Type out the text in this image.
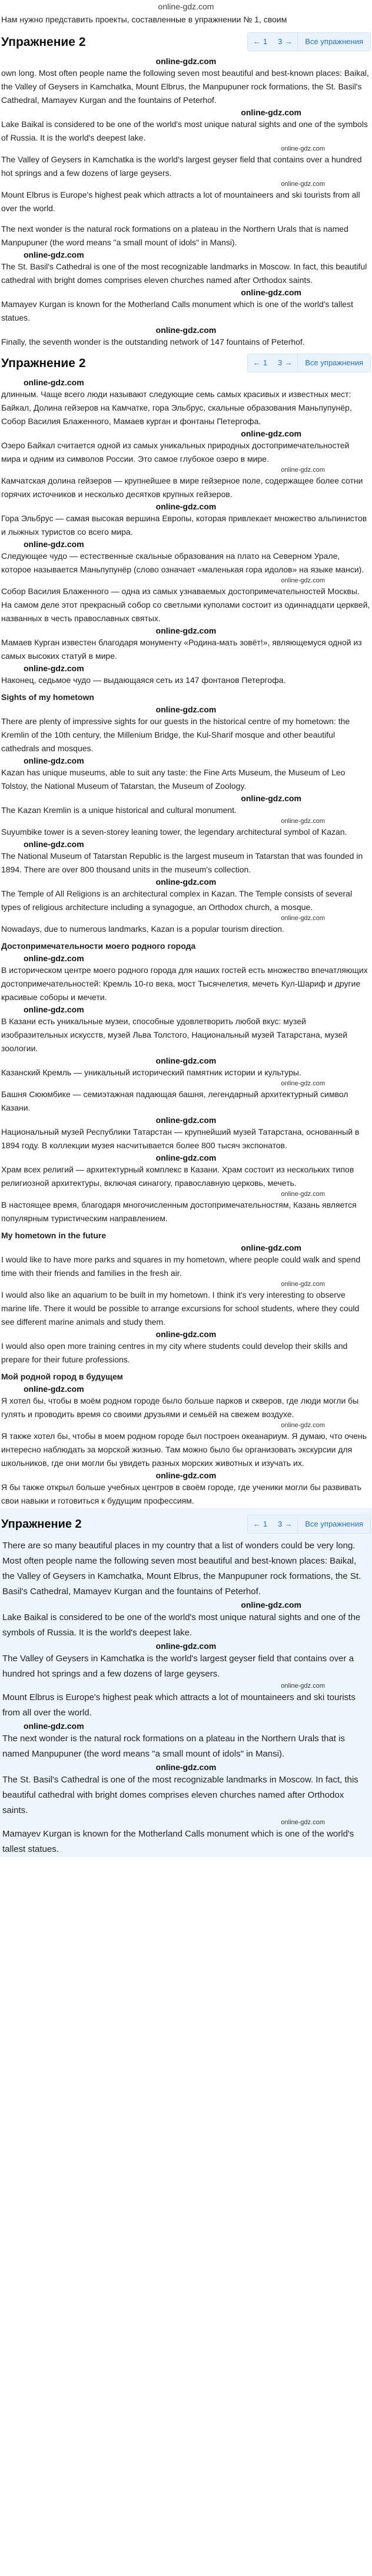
online-gdz.com

Нам нужно представить проекты, составленные в упражнении № 1, своим

Упражнение 2	← 1	3 →	Все упражнения
online-gdz.com

own long. Most often people name the following seven most beautiful and best-known places: Baikal, the Valley of Geysers in Kamchatka, Mount Elbrus, the Manpupuner rock formations, the St. Basil's Cathedral, Mamayev Kurgan and the fountains of Peterhof.

online-gdz.com

Lake Baikal is considered to be one of the world's most unique natural sights and one of the symbols of Russia. It is the world's deepest lake.

online-gdz.com

The Valley of Geysers in Kamchatka is the world's largest geyser field that contains over a hundred hot springs and a few dozens of large geysers.

online-gdz.com

Mount Elbrus is Europe's highest peak which attracts a lot of mountaineers and ski tourists from all over the world.

The next wonder is the natural rock formations on a plateau in the Northern Urals that is named Manpupuner (the word means "a small mount of idols" in Mansi).

online-gdz.com

The St. Basil's Cathedral is one of the most recognizable landmarks in Moscow. In fact, this beautiful cathedral with bright domes comprises eleven churches named after Orthodox saints.

online-gdz.com

Mamayev Kurgan is known for the Motherland Calls monument which is one of the world's tallest statues.

online-gdz.com

Finally, the seventh wonder is the outstanding network of 147 fountains of Peterhof.

Упражнение 2	← 1	3 →	Все упражнения
online-gdz.com

длинным. Чаще всего люди называют следующие семь самых красивых и известных мест: Байкал, Долина гейзеров на Камчатке, гора Эльбрус, скальные образования Маньпупунёр, Собор Василия Блаженного, Мамаев курган и фонтаны Петергофа.

online-gdz.com

Озеро Байкал считается одной из самых уникальных природных достопримечательностей мира и одним из символов России. Это самое глубокое озеро в мире.

online-gdz.com

Камчатская долина гейзеров — крупнейшее в мире гейзерное поле, содержащее более сотни горячих источников и несколько десятков крупных гейзеров.

online-gdz.com

Гора Эльбрус — самая высокая вершина Европы, которая привлекает множество альпинистов и лыжных туристов со всего мира.

online-gdz.com

Следующее чудо — естественные скальные образования на плато на Северном Урале, которое называется Маньпупунёр (слово означает «маленькая гора идолов» на языке манси).

online-gdz.com

Собор Василия Блаженного — одна из самых узнаваемых достопримечательностей Москвы. На самом деле этот прекрасный собор со светлыми куполами состоит из одиннадцати церквей, названных в честь православных святых.

online-gdz.com

Мамаев Курган известен благодаря монументу «Родина-мать зовёт!», являющемуся одной из самых высоких статуй в мире.

online-gdz.com

Наконец, седьмое чудо — выдающаяся сеть из 147 фонтанов Петергофа.

Sights of my hometown

online-gdz.com

There are plenty of impressive sights for our guests in the historical centre of my hometown: the Kremlin of the 10th century, the Millenium Bridge, the Kul-Sharif mosque and other beautiful cathedrals and mosques.

online-gdz.com

Kazan has unique museums, able to suit any taste: the Fine Arts Museum, the Museum of Leo Tolstoy, the National Museum of Tatarstan, the Museum of Zoology.

online-gdz.com

The Kazan Kremlin is a unique historical and cultural monument.

online-gdz.com

Suyumbike tower is a seven-storey leaning tower, the legendary architectural symbol of Kazan.

online-gdz.com

The National Museum of Tatarstan Republic is the largest museum in Tatarstan that was founded in 1894. There are over 800 thousand units in the museum's collection.

online-gdz.com

The Temple of All Religions is an architectural complex in Kazan. The Temple consists of several types of religious architecture including a synagogue, an Orthodox church, a mosque.

online-gdz.com

Nowadays, due to numerous landmarks, Kazan is a popular tourism direction.

Достопримечательности моего родного города

online-gdz.com

В историческом центре моего родного города для наших гостей есть множество впечатляющих достопримечательностей: Кремль 10-го века, мост Тысячелетия, мечеть Кул-Шариф и другие красивые соборы и мечети.

online-gdz.com

В Казани есть уникальные музеи, способные удовлетворить любой вкус: музей изобразительных искусств, музей Льва Толстого, Национальный музей Татарстана, музей зоологии.

online-gdz.com

Казанский Кремль — уникальный исторический памятник истории и культуры.

online-gdz.com

Башня Сююмбике — семиэтажная падающая башня, легендарный архитектурный символ Казани.

online-gdz.com

Национальный музей Республики Татарстан — крупнейший музей Татарстана, основанный в 1894 году. В коллекции музея насчитывается более 800 тысяч экспонатов.

online-gdz.com

Храм всех религий — архитектурный комплекс в Казани. Храм состоит из нескольких типов религиозной архитектуры, включая синагогу, православную церковь, мечеть.

online-gdz.com

В настоящее время, благодаря многочисленным достопримечательностям, Казань является популярным туристическим направлением.

My hometown in the future

online-gdz.com

I would like to have more parks and squares in my hometown, where people could walk and spend time with their friends and families in the fresh air.

online-gdz.com

I would also like an aquarium to be built in my hometown. I think it's very interesting to observe marine life. There it would be possible to arrange excursions for school students, where they could see different marine animals and study them.

online-gdz.com

I would also open more training centres in my city where students could develop their skills and prepare for their future professions.

Мой родной город в будущем

online-gdz.com

Я хотел бы, чтобы в моём родном городе было больше парков и скверов, где люди могли бы гулять и проводить время со своими друзьями и семьёй на свежем воздухе.

online-gdz.com

Я также хотел бы, чтобы в моем родном городе был построен океанариум. Я думаю, что очень интересно наблюдать за морской жизнью. Там можно было бы организовать экскурсии для школьников, где они могли бы увидеть разных морских животных и изучать их.

online-gdz.com

Я бы также открыл больше учебных центров в своём городе, где ученики могли бы развивать свои навыки и готовиться к будущим профессиям.

Упражнение 2	← 1	3 →	Все упражнения

There are so many beautiful places in my country that a list of wonders could be very long. Most often people name the following seven most beautiful and best-known places: Baikal, the Valley of Geysers in Kamchatka, Mount Elbrus, the Manpupuner rock formations, the St. Basil's Cathedral, Mamayev Kurgan and the fountains of Peterhof.

online-gdz.com

Lake Baikal is considered to be one of the world's most unique natural sights and one of the symbols of Russia. It is the world's deepest lake.

online-gdz.com

The Valley of Geysers in Kamchatka is the world's largest geyser field that contains over a hundred hot springs and a few dozens of large geysers.

online-gdz.com

Mount Elbrus is Europe's highest peak which attracts a lot of mountaineers and ski tourists from all over the world.

online-gdz.com

The next wonder is the natural rock formations on a plateau in the Northern Urals that is named Manpupuner (the word means "a small mount of idols" in Mansi).

online-gdz.com

The St. Basil's Cathedral is one of the most recognizable landmarks in Moscow. In fact, this beautiful cathedral with bright domes comprises eleven churches named after Orthodox saints.

online-gdz.com

Mamayev Kurgan is known for the Motherland Calls monument which is one of the world's tallest statues.
